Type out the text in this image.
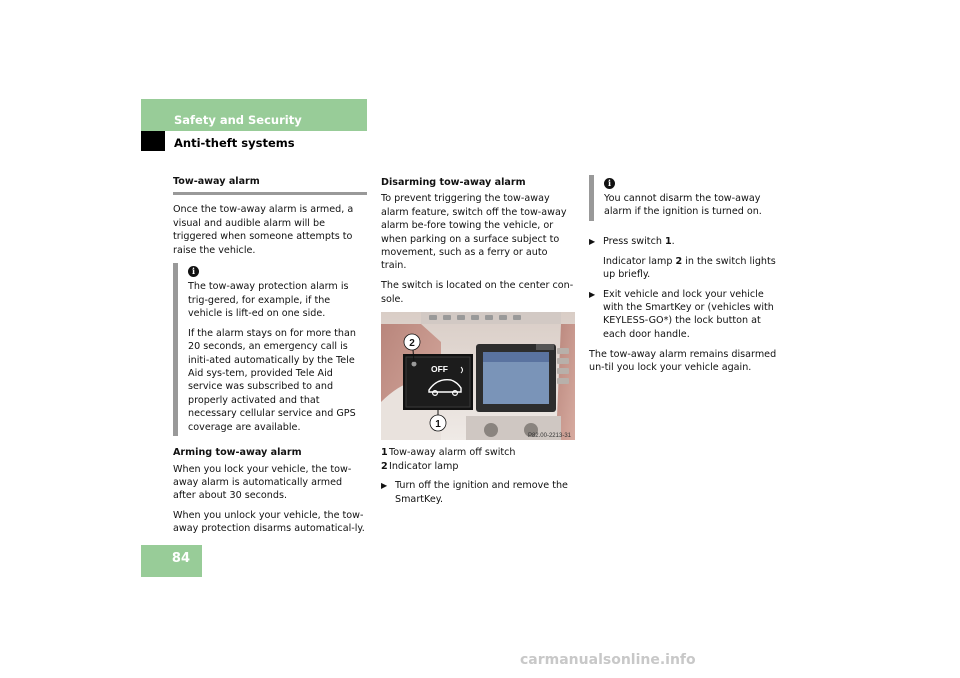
Safety and Security
Anti-theft systems
Tow-away alarm

Once the tow-away alarm is armed, a visual and audible alarm will be triggered when someone attempts to raise the vehicle.

i

The tow-away protection alarm is trig-gered, for example, if the vehicle is lift-ed on one side.

If the alarm stays on for more than 20 seconds, an emergency call is initi-ated automatically by the Tele Aid sys-tem, provided Tele Aid service was subscribed to and properly activated and that necessary cellular service and GPS coverage are available.

Arming tow-away alarm

When you lock your vehicle, the tow-away alarm is automatically armed after about 30 seconds.

When you unlock your vehicle, the tow-away protection disarms automatical-ly.

Disarming tow-away alarm

To prevent triggering the tow-away alarm feature, switch off the tow-away alarm be-fore towing the vehicle, or when parking on a surface subject to movement, such as a ferry or auto train.

The switch is located on the center con-sole.

OFF
2
1
P82.00-2213-31
1 Tow-away alarm off switch
2 Indicator lamp
▶ Turn off the ignition and remove the SmartKey.
i

You cannot disarm the tow-away alarm if the ignition is turned on.

▶ Press switch 1.

Indicator lamp 2 in the switch lights up briefly.

▶ Exit vehicle and lock your vehicle with the SmartKey or (vehicles with KEYLESS-GO*) the lock button at each door handle.

The tow-away alarm remains disarmed un-til you lock your vehicle again.

84
carmanualsonline.info
